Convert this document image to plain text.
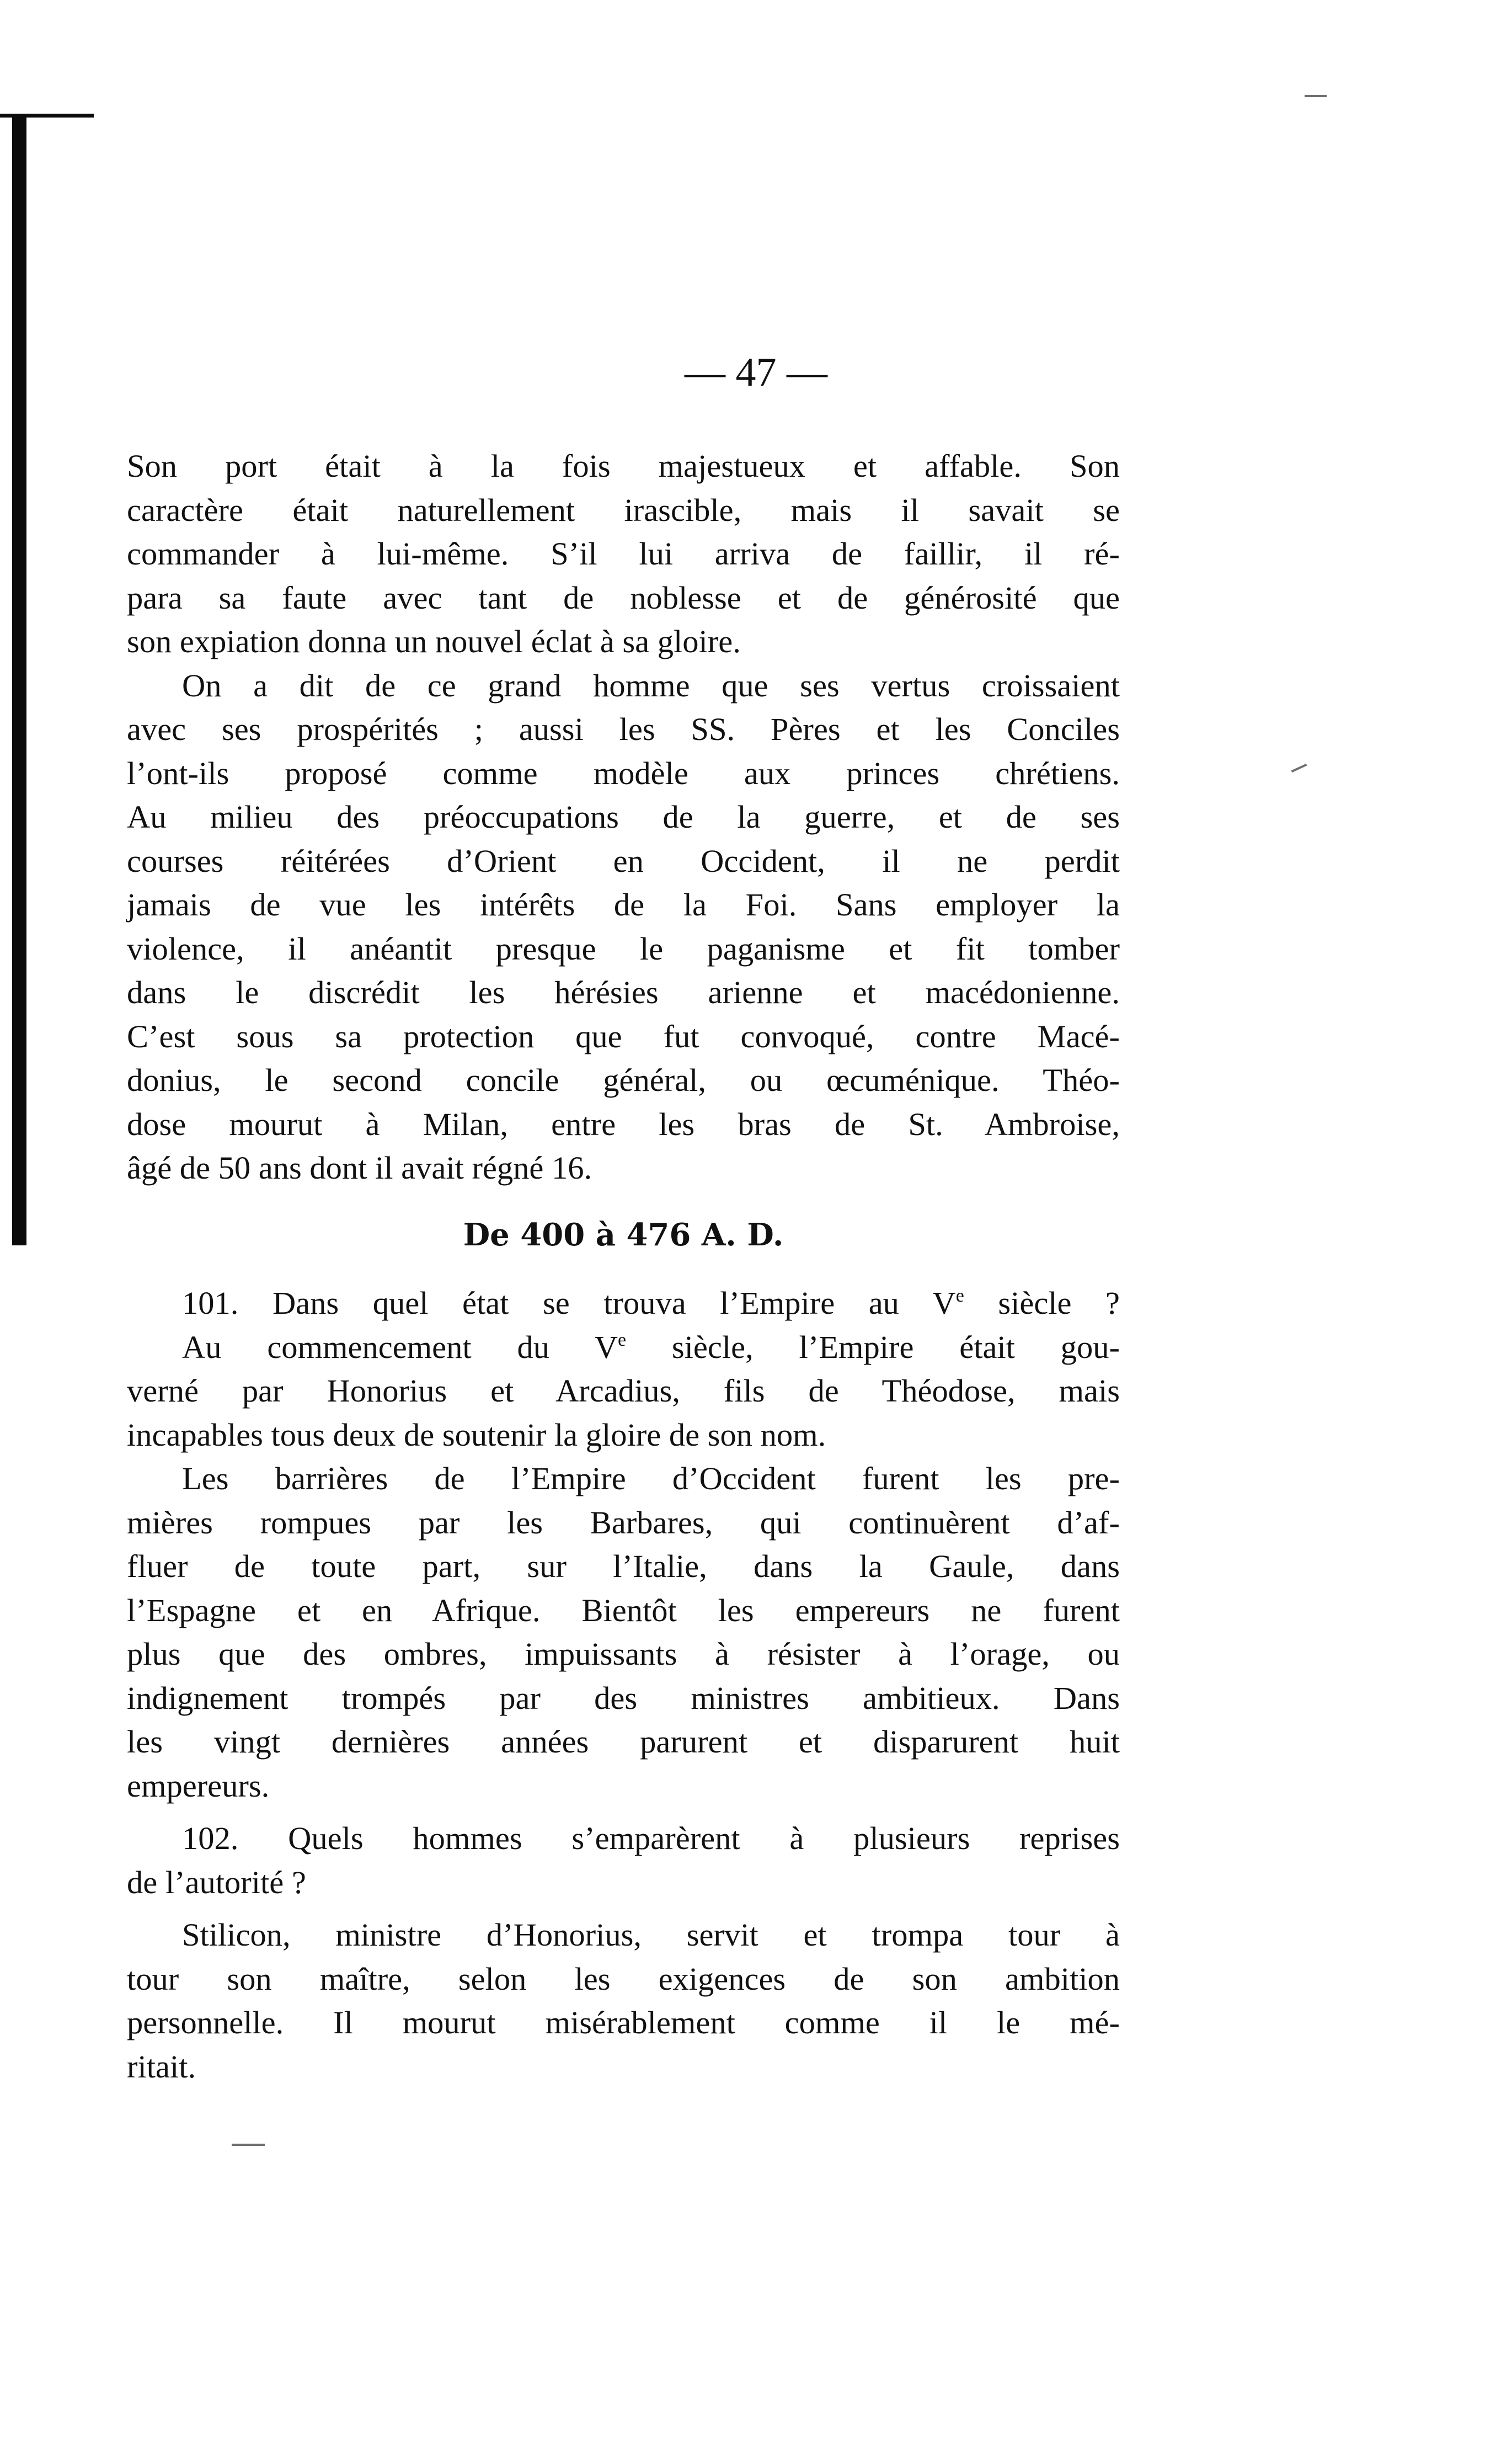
— 47 —
Son port était à la fois majestueux et affable. Son
caractère était naturellement irascible, mais il savait se
commander à lui-même. S’il lui arriva de faillir, il ré-
para sa faute avec tant de noblesse et de générosité que
son expiation donna un nouvel éclat à sa gloire.
On a dit de ce grand homme que ses vertus croissaient
avec ses prospérités ; aussi les SS. Pères et les Conciles
l’ont-ils proposé comme modèle aux princes chrétiens.
Au milieu des préoccupations de la guerre, et de ses
courses réitérées d’Orient en Occident, il ne perdit
jamais de vue les intérêts de la Foi. Sans employer la
violence, il anéantit presque le paganisme et fit tomber
dans le discrédit les hérésies arienne et macédonienne.
C’est sous sa protection que fut convoqué, contre Macé-
donius, le second concile général, ou œcuménique. Théo-
dose mourut à Milan, entre les bras de St. Ambroise,
âgé de 50 ans dont il avait régné 16.
De 400 à 476 A. D.
101. Dans quel état se trouva l’Empire au Ve siècle ?
Au commencement du Ve siècle, l’Empire était gou-
verné par Honorius et Arcadius, fils de Théodose, mais
incapables tous deux de soutenir la gloire de son nom.
Les barrières de l’Empire d’Occident furent les pre-
mières rompues par les Barbares, qui continuèrent d’af-
fluer de toute part, sur l’Italie, dans la Gaule, dans
l’Espagne et en Afrique. Bientôt les empereurs ne furent
plus que des ombres, impuissants à résister à l’orage, ou
indignement trompés par des ministres ambitieux. Dans
les vingt dernières années parurent et disparurent huit
empereurs.
102. Quels hommes s’emparèrent à plusieurs reprises
de l’autorité ?
Stilicon, ministre d’Honorius, servit et trompa tour à
tour son maître, selon les exigences de son ambition
personnelle. Il mourut misérablement comme il le mé-
ritait.
